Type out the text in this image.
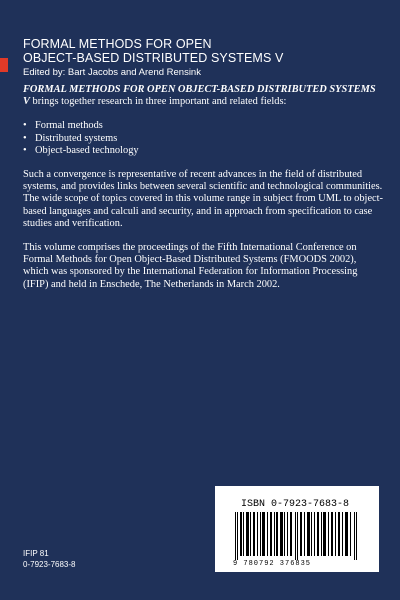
FORMAL METHODS FOR OPEN
OBJECT-BASED DISTRIBUTED SYSTEMS V
Edited by: Bart Jacobs and Arend Rensink

FORMAL METHODS FOR OPEN OBJECT-BASED DISTRIBUTED SYSTEMS V brings together research in three important and related fields:

• Formal methods
• Distributed systems
• Object-based technology

Such a convergence is representative of recent advances in the field of distributed systems, and provides links between several scientific and technological communities. The wide scope of topics covered in this volume range in subject from UML to object-based languages and calculi and security, and in approach from specification to case studies and verification.

This volume comprises the proceedings of the Fifth International Conference on Formal Methods for Open Object-Based Distributed Systems (FMOODS 2002), which was sponsored by the International Federation for Information Processing (IFIP) and held in Enschede, The Netherlands in March 2002.

ISBN 0-7923-7683-8
9 780792 376835
IFIP 81
0-7923-7683-8
